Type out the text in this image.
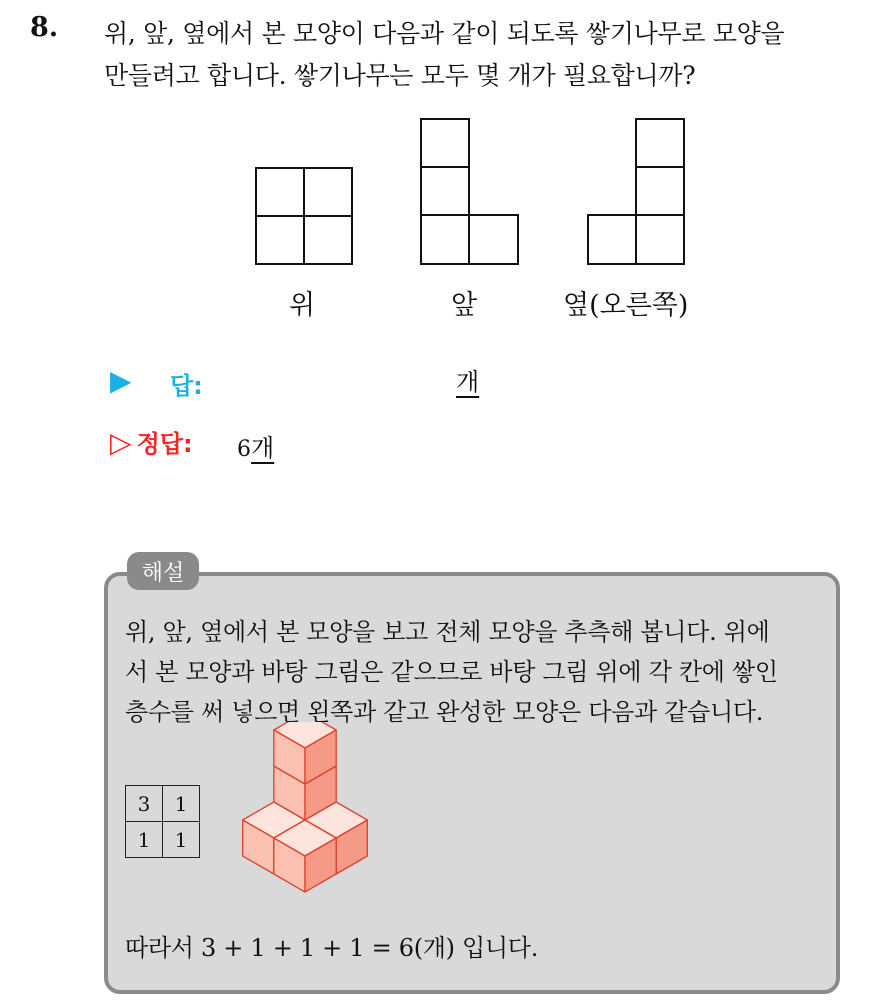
8. 위, 앞, 옆에서 본 모양이 다음과 같이 되도록 쌓기나무로 모양을
만들려고 합니다. 쌓기나무는 모두 몇 개가 필요합니까?
위	앞	옆(오른쪽)
▶ 답:	개
▷ 정답: 6개
해설
위, 앞, 옆에서 본 모양을 보고 전체 모양을 추측해 봅니다. 위에
서 본 모양과 바탕 그림은 같으므로 바탕 그림 위에 각 칸에 쌓인
층수를 써 넣으면 왼쪽과 같고 완성한 모양은 다음과 같습니다.
3	1
1	1
따라서 3 + 1 + 1 + 1 = 6(개) 입니다.
